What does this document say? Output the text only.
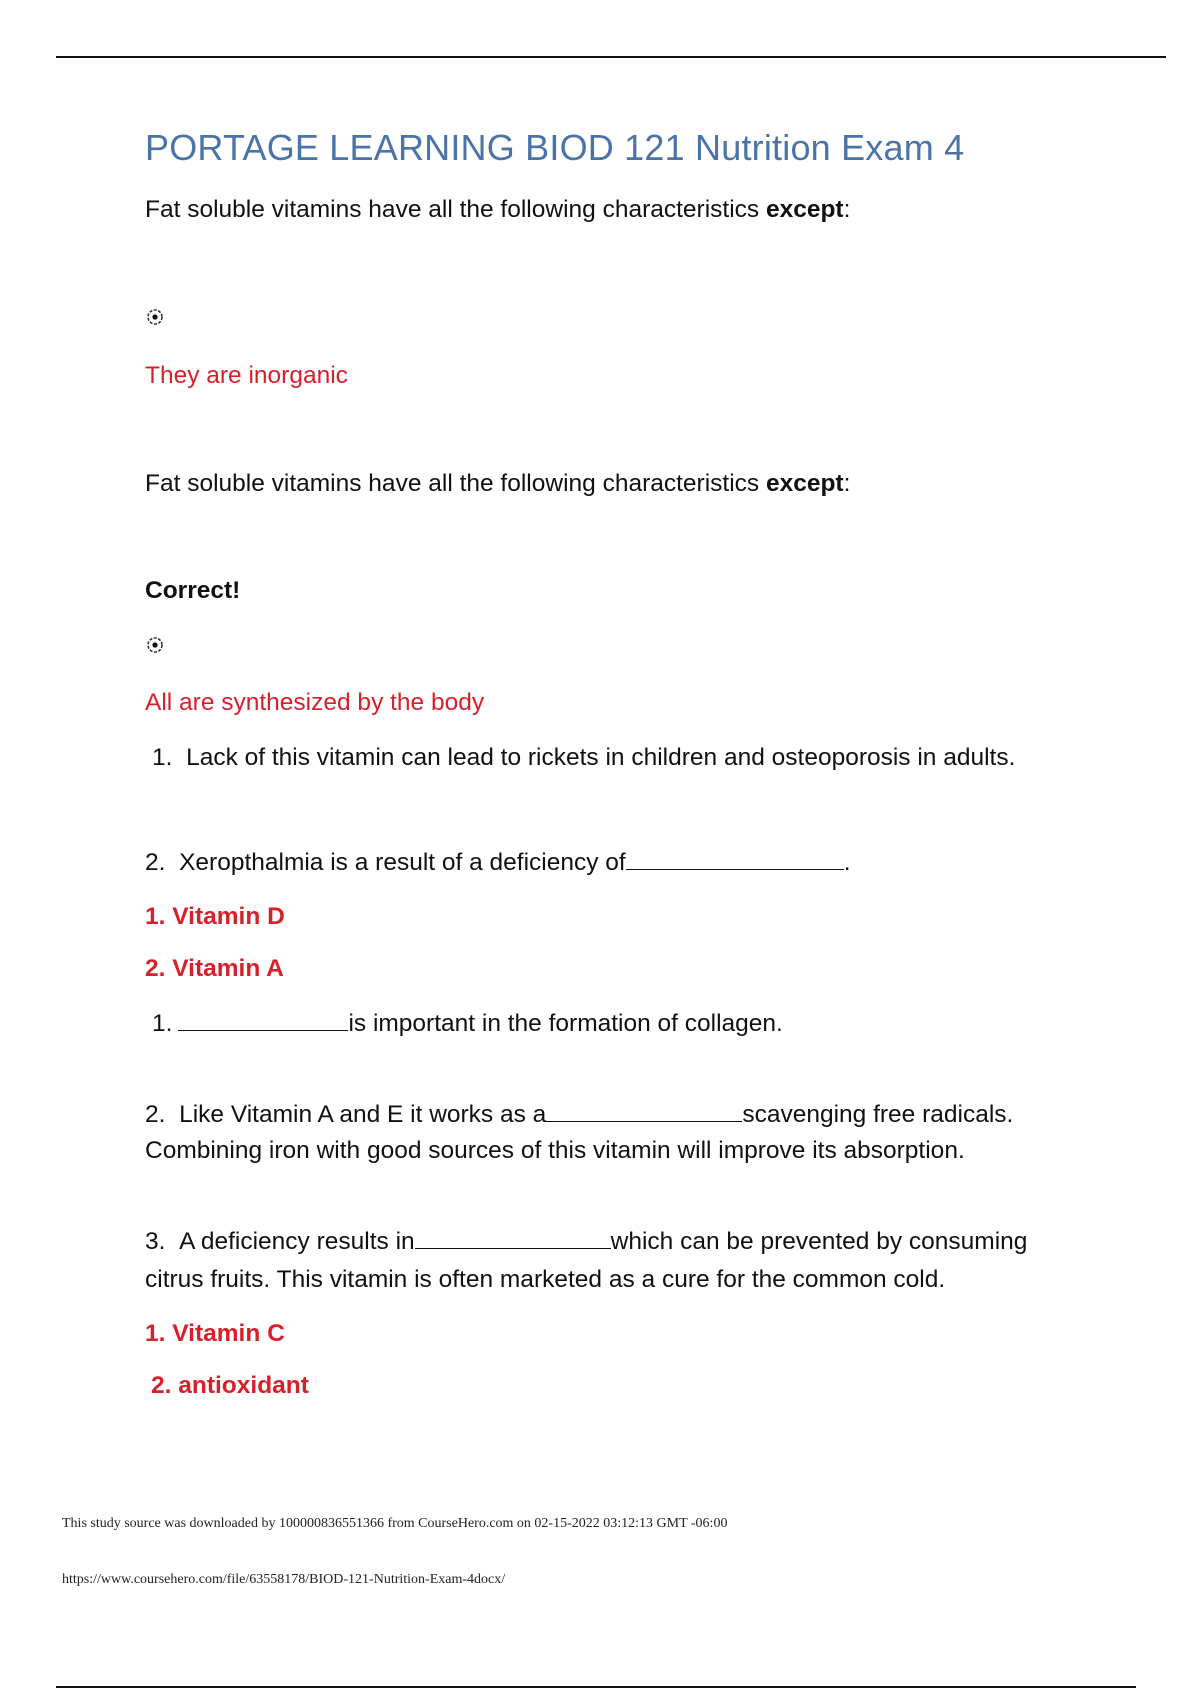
PORTAGE LEARNING BIOD 121 Nutrition Exam 4
Fat soluble vitamins have all the following characteristics except:
They are inorganic
Fat soluble vitamins have all the following characteristics except:
Correct!
All are synthesized by the body
1. Lack of this vitamin can lead to rickets in children and osteoporosis in adults.
2. Xeropthalmia is a result of a deficiency of	.
1. Vitamin D
2. Vitamin A
1.	is important in the formation of collagen.
2. Like Vitamin A and E it works as a	scavenging free radicals.
Combining iron with good sources of this vitamin will improve its absorption.
3. A deficiency results in	which can be prevented by consuming
citrus fruits. This vitamin is often marketed as a cure for the common cold.
1. Vitamin C
2. antioxidant
This study source was downloaded by 100000836551366 from CourseHero.com on 02-15-2022 03:12:13 GMT -06:00
https://www.coursehero.com/file/63558178/BIOD-121-Nutrition-Exam-4docx/
